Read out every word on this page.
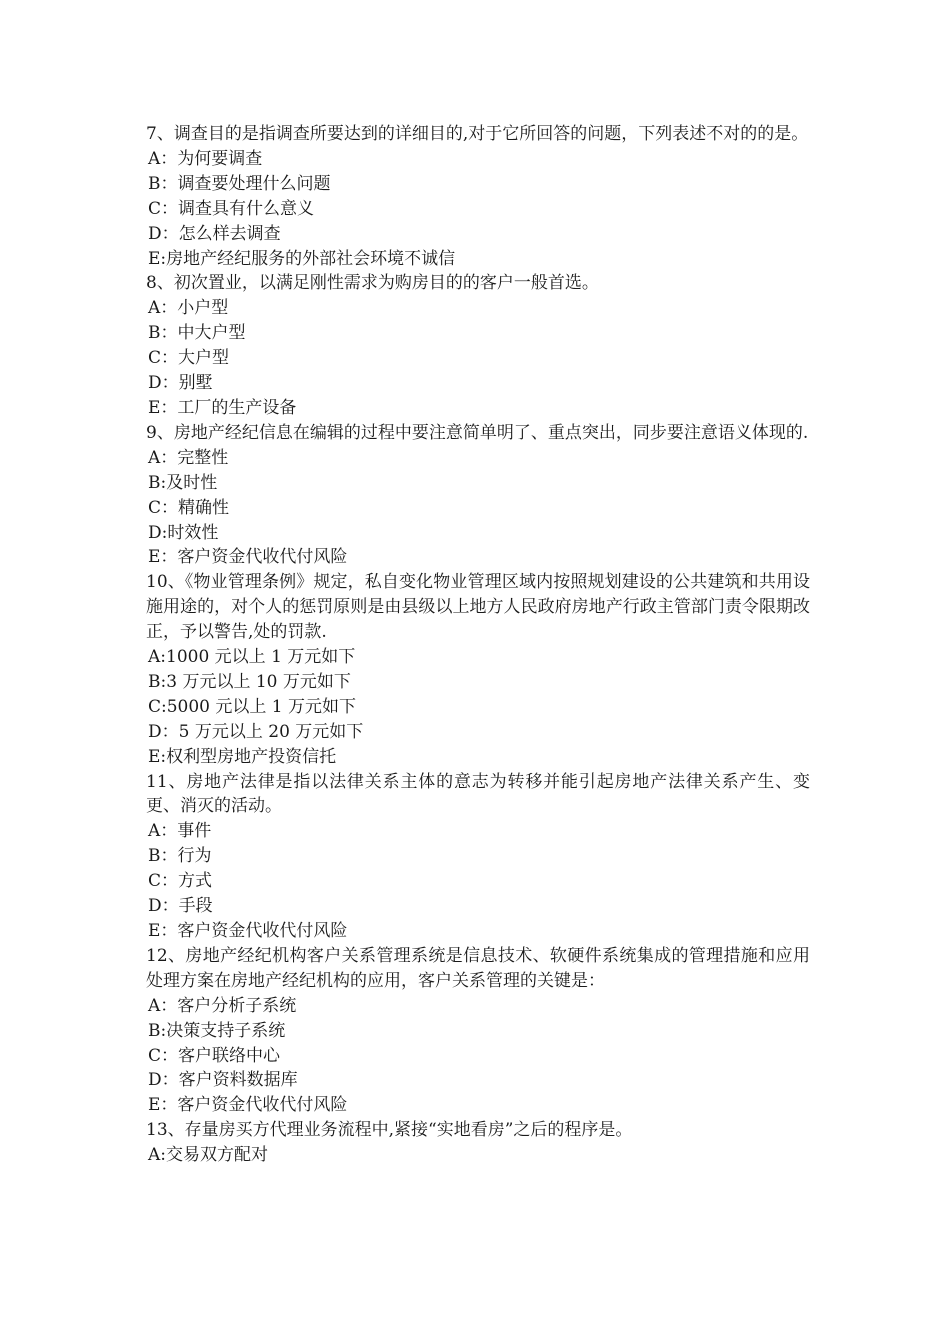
7、调查目的是指调查所要达到的详细目的,对于它所回答的问题，下列表述不对的的是。

A：为何要调查

B：调查要处理什么问题

C：调查具有什么意义

D：怎么样去调查

E:房地产经纪服务的外部社会环境不诚信

8、初次置业，以满足刚性需求为购房目的的客户一般首选。

A：小户型

B：中大户型

C：大户型

D：别墅

E：工厂的生产设备

9、房地产经纪信息在编辑的过程中要注意简单明了、重点突出，同步要注意语义体现的.

A：完整性

B:及时性

C：精确性

D:时效性

E：客户资金代收代付风险

10、《物业管理条例》规定，私自变化物业管理区域内按照规划建设的公共建筑和共用设施用途的，对个人的惩罚原则是由县级以上地方人民政府房地产行政主管部门责令限期改正，予以警告,处的罚款.

A:1000 元以上 1 万元如下

B:3 万元以上 10 万元如下

C:5000 元以上 1 万元如下

D：5 万元以上 20 万元如下

E:权利型房地产投资信托

11、房地产法律是指以法律关系主体的意志为转移并能引起房地产法律关系产生、变更、消灭的活动。

A：事件

B：行为

C：方式

D：手段

E：客户资金代收代付风险

12、房地产经纪机构客户关系管理系统是信息技术、软硬件系统集成的管理措施和应用处理方案在房地产经纪机构的应用，客户关系管理的关键是：

A：客户分析子系统

B:决策支持子系统

C：客户联络中心

D：客户资料数据库

E：客户资金代收代付风险

13、存量房买方代理业务流程中,紧接“实地看房”之后的程序是。

A:交易双方配对
